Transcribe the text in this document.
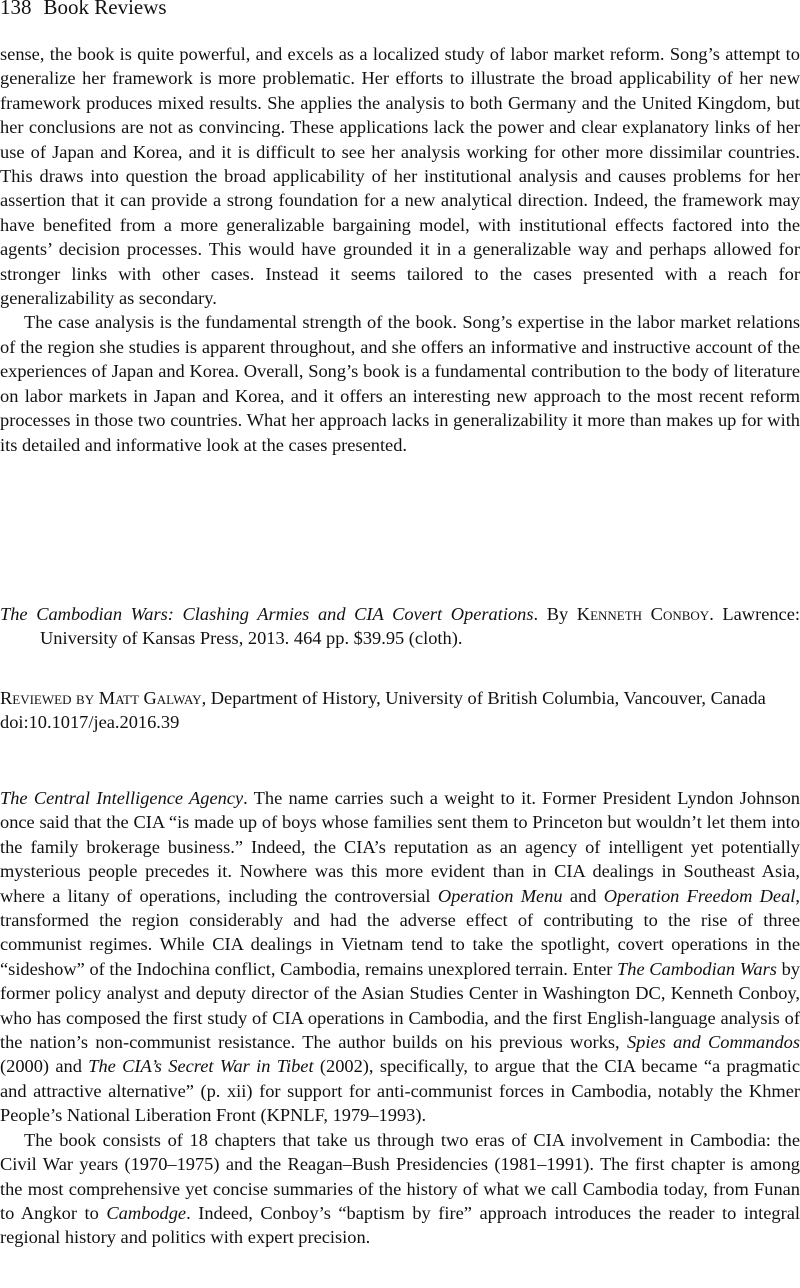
138 Book Reviews

sense, the book is quite powerful, and excels as a localized study of labor market reform. Song’s attempt to generalize her framework is more problematic. Her efforts to illustrate the broad applicability of her new framework produces mixed results. She applies the analysis to both Germany and the United Kingdom, but her conclusions are not as convincing. These applications lack the power and clear explanatory links of her use of Japan and Korea, and it is difficult to see her analysis working for other more dissimilar countries. This draws into question the broad applicability of her institutional analysis and causes problems for her assertion that it can provide a strong foundation for a new analytical direction. Indeed, the framework may have benefited from a more generalizable bargaining model, with institutional effects factored into the agents’ decision processes. This would have grounded it in a generalizable way and perhaps allowed for stronger links with other cases. Instead it seems tailored to the cases presented with a reach for generalizability as secondary.

The case analysis is the fundamental strength of the book. Song’s expertise in the labor market relations of the region she studies is apparent throughout, and she offers an informative and instructive account of the experiences of Japan and Korea. Overall, Song’s book is a fundamental contribution to the body of literature on labor markets in Japan and Korea, and it offers an interesting new approach to the most recent reform processes in those two countries. What her approach lacks in generalizability it more than makes up for with its detailed and informative look at the cases presented.

The Cambodian Wars: Clashing Armies and CIA Covert Operations. By Kenneth Conboy. Lawrence: University of Kansas Press, 2013. 464 pp. $39.95 (cloth).

Reviewed by Matt Galway, Department of History, University of British Columbia, Vancouver, Canada

doi:10.1017/jea.2016.39

The Central Intelligence Agency. The name carries such a weight to it. Former President Lyndon Johnson once said that the CIA “is made up of boys whose families sent them to Princeton but wouldn’t let them into the family brokerage business.” Indeed, the CIA’s reputation as an agency of intelligent yet potentially mysterious people precedes it. Nowhere was this more evident than in CIA dealings in Southeast Asia, where a litany of operations, including the controversial Operation Menu and Operation Freedom Deal, transformed the region considerably and had the adverse effect of contributing to the rise of three communist regimes. While CIA dealings in Vietnam tend to take the spotlight, covert operations in the “sideshow” of the Indochina conflict, Cambodia, remains unexplored terrain. Enter The Cambodian Wars by former policy analyst and deputy director of the Asian Studies Center in Washington DC, Kenneth Conboy, who has composed the first study of CIA operations in Cambodia, and the first English-language analysis of the nation’s non-communist resistance. The author builds on his previous works, Spies and Commandos (2000) and The CIA’s Secret War in Tibet (2002), specifically, to argue that the CIA became “a pragmatic and attractive alternative” (p. xii) for support for anti-communist forces in Cambodia, notably the Khmer People’s National Liberation Front (KPNLF, 1979–1993).

The book consists of 18 chapters that take us through two eras of CIA involvement in Cambodia: the Civil War years (1970–1975) and the Reagan–Bush Presidencies (1981–1991). The first chapter is among the most comprehensive yet concise summaries of the history of what we call Cambodia today, from Funan to Angkor to Cambodge. Indeed, Conboy’s “baptism by fire” approach introduces the reader to integral regional history and politics with expert precision.
